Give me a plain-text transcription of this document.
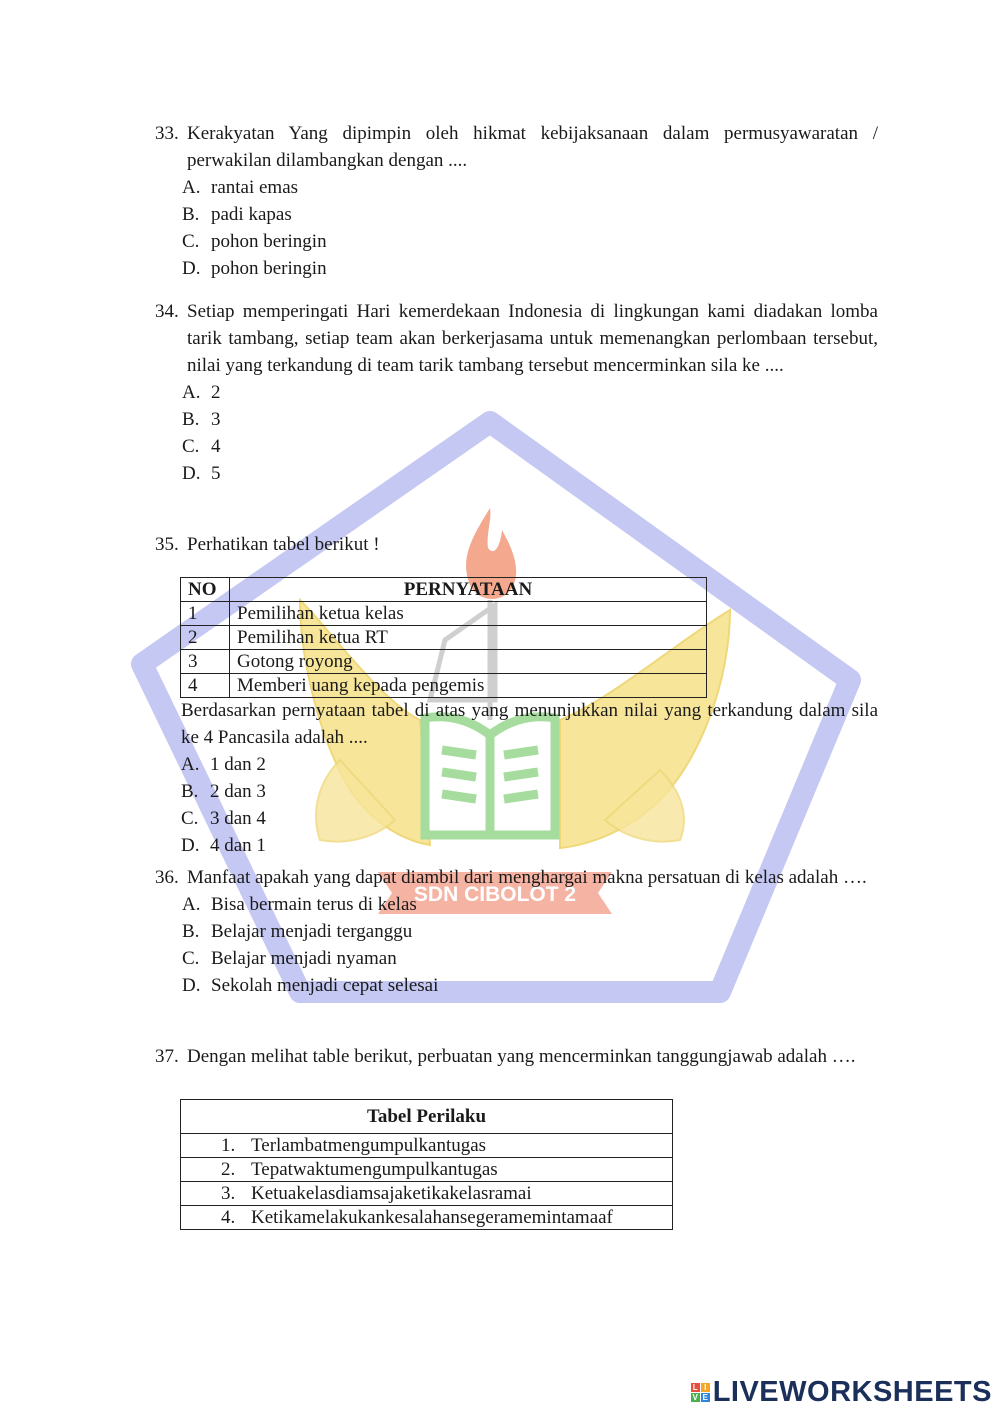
SDN CIBOLOT 2
33. Kerakyatan Yang dipimpin oleh hikmat kebijaksanaan dalam permusyawaratan / perwakilan dilambangkan dengan ....
A. rantai emas
B. padi kapas
C. pohon beringin
D. pohon beringin
34. Setiap memperingati Hari kemerdekaan Indonesia di lingkungan kami diadakan lomba tarik tambang, setiap team akan berkerjasama untuk memenangkan perlombaan tersebut, nilai yang terkandung di team tarik tambang tersebut mencerminkan sila ke ....
A. 2
B. 3
C. 4
D. 5
35. Perhatikan tabel berikut !
NO	PERNYATAAN
1	Pemilihan ketua kelas
2	Pemilihan ketua RT
3	Gotong royong
4	Memberi uang kepada pengemis
Berdasarkan pernyataan tabel di atas yang menunjukkan nilai yang terkandung dalam sila ke 4 Pancasila adalah ....
A. 1 dan 2
B. 2 dan 3
C. 3 dan 4
D. 4 dan 1
36. Manfaat apakah yang dapat diambil dari menghargai makna persatuan di kelas adalah ….
A. Bisa bermain terus di kelas
B. Belajar menjadi terganggu
C. Belajar menjadi nyaman
D. Sekolah menjadi cepat selesai
37. Dengan melihat table berikut, perbuatan yang mencerminkan tanggungjawab adalah ….
Tabel Perilaku
1. Terlambatmengumpulkantugas
2. Tepatwaktumengumpulkantugas
3. Ketuakelasdiamsajaketikakelasramai
4. Ketikamelakukankesalahansegeramemintamaaf
L I
V E LIVEWORKSHEETS
